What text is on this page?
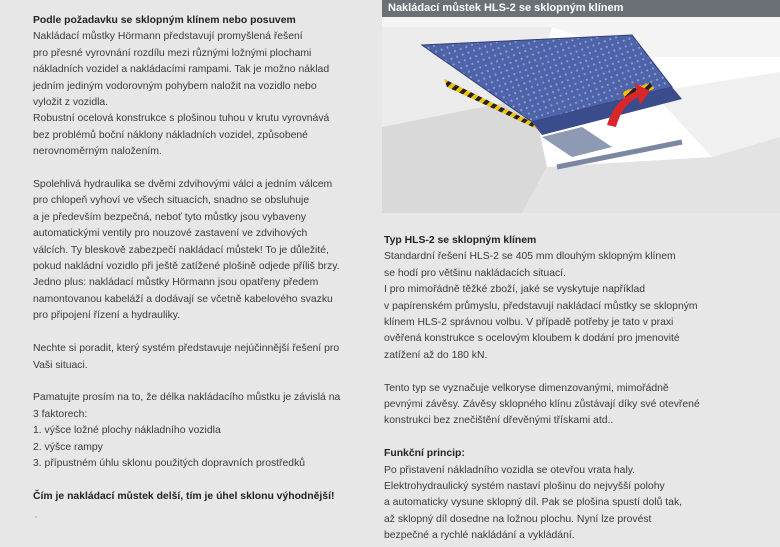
Podle požadavku se sklopným klínem nebo posuvem
Nakládací můstky Hörmann představují promyšlená řešení
pro přesné vyrovnání rozdílu mezi různými ložnými plochami
nákladních vozidel a nakládacími rampami. Tak je možno náklad
jedním jediným vodorovným pohybem naložit na vozidlo nebo
vyložit z vozidla.
Robustní ocelová konstrukce s plošinou tuhou v krutu vyrovnává
bez problémů boční náklony nákladních vozidel, způsobené
nerovnoměrným naložením.
Spolehlivá hydraulika se dvěmi zdvihovými válci a jedním válcem
pro chlopeň vyhoví ve všech situacích, snadno se obsluhuje
a je především bezpečná, neboť tyto můstky jsou vybaveny
automatickými ventily pro nouzové zastavení ve zdvihových
válcích. Ty bleskově zabezpečí nakládací můstek! To je důležité,
pokud nakládní vozidlo při ještě zatížené plošině odjede příliš brzy.
Jedno plus: nakládací můstky Hörmann jsou opatřeny předem
namontovanou kabeláží a dodávají se včetně kabelového svazku
pro připojení řízení a hydrauliky.
Nechte si poradit, který systém představuje nejúčinnější řešení pro
Vaši situaci.
Pamatujte prosím na to, že délka nakládacího můstku je závislá na
3 faktorech:
1. výšce ložné plochy nákladního vozidla
2. výšce rampy
3. přípustném úhlu sklonu použitých dopravních prostředků
Čím je nakládací můstek delší, tím je úhel sklonu výhodnější!
Nakládací můstek HLS-2 se sklopným klínem
Typ HLS-2 se sklopným klínem
Standardní řešení HLS-2 se 405 mm dlouhým sklopným klínem
se hodí pro většinu nakládacích situací.
I pro mimořádně těžké zboží, jaké se vyskytuje například
v papírenském průmyslu, představují nakládací můstky se sklopným
klínem HLS-2 správnou volbu. V případě potřeby je tato v praxi
ověřená konstrukce s ocelovým kloubem k dodání pro jmenovité
zatížení až do 180 kN.
Tento typ se vyznačuje velkoryse dimenzovanými, mimořádně
pevnými závěsy. Závěsy sklopného klínu zůstávají díky své otevřené
konstrukci bez znečištění dřevěnými třískami atd..
Funkční princip:
Po přistavení nákladního vozidla se otevřou vrata haly.
Elektrohydraulický systém nastaví plošinu do nejvyšší polohy
a automaticky vysune sklopný díl. Pak se plošina spustí dolů tak,
až sklopný díl dosedne na ložnou plochu. Nyní lze provést
bezpečné a rychlé nakládání a vykládání.
